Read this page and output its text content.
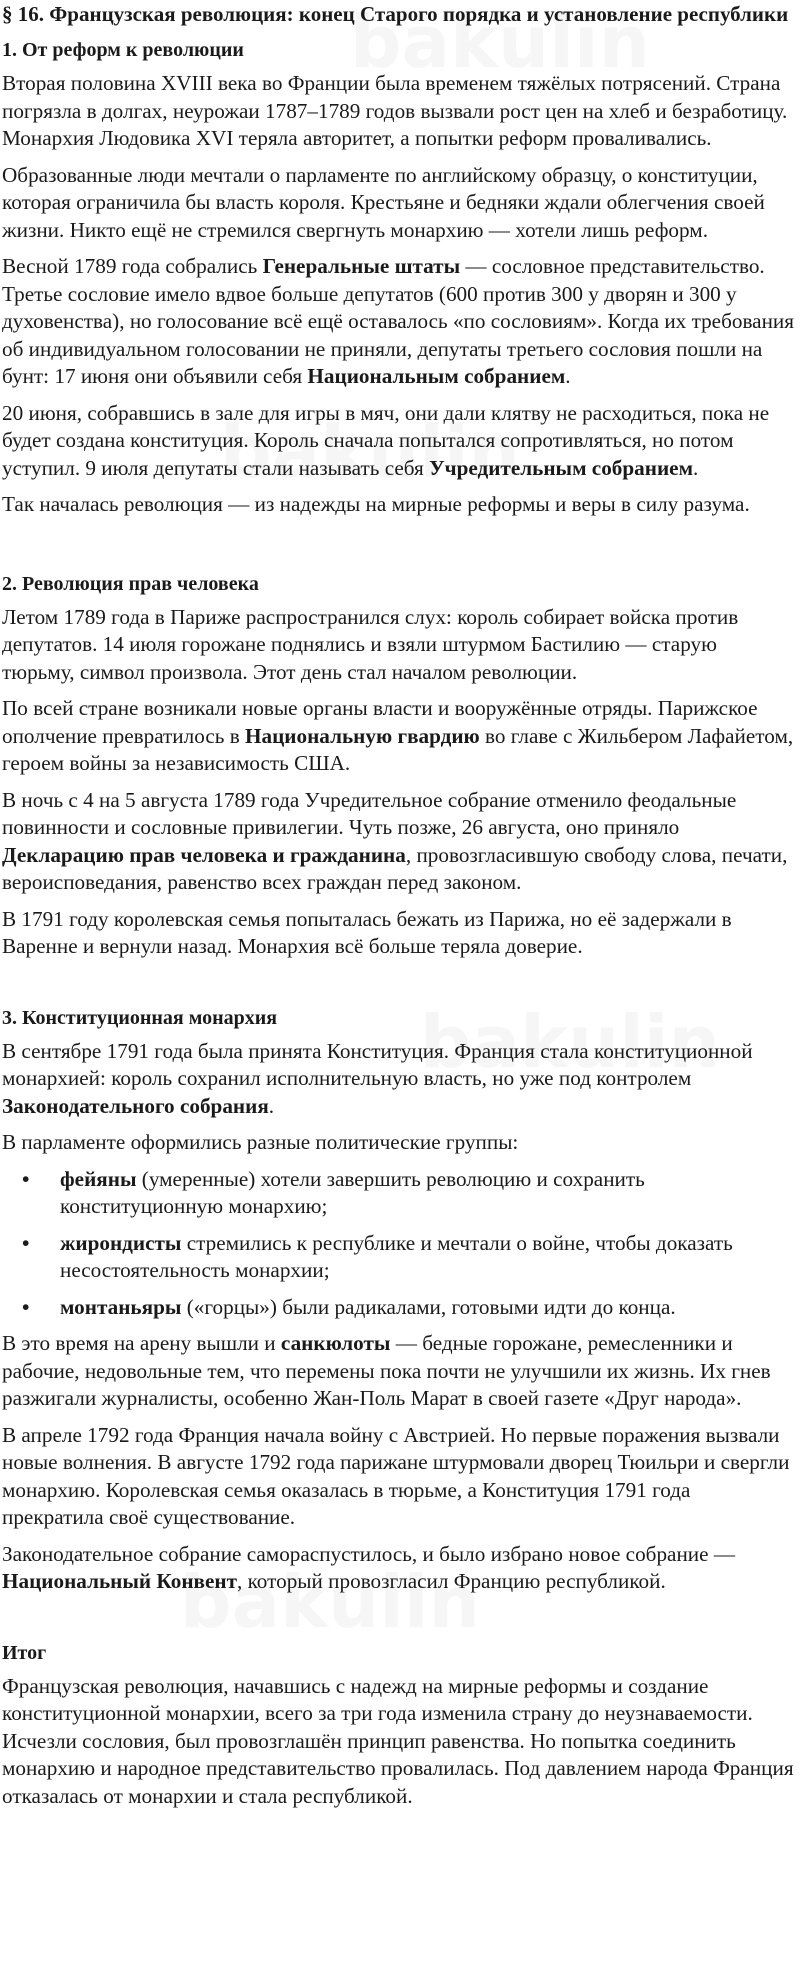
§ 16. Французская революция: конец Старого порядка и установление республики
1. От реформ к революции

Вторая половина XVIII века во Франции была временем тяжёлых потрясений. Страна погрязла в долгах, неурожаи 1787–1789 годов вызвали рост цен на хлеб и безработицу. Монархия Людовика XVI теряла авторитет, а попытки реформ проваливались.

Образованные люди мечтали о парламенте по английскому образцу, о конституции, которая ограничила бы власть короля. Крестьяне и бедняки ждали облегчения своей жизни. Никто ещё не стремился свергнуть монархию — хотели лишь реформ.

Весной 1789 года собрались Генеральные штаты — сословное представительство. Третье сословие имело вдвое больше депутатов (600 против 300 у дворян и 300 у духовенства), но голосование всё ещё оставалось «по сословиям». Когда их требования об индивидуальном голосовании не приняли, депутаты третьего сословия пошли на бунт: 17 июня они объявили себя Национальным собранием.

20 июня, собравшись в зале для игры в мяч, они дали клятву не расходиться, пока не будет создана конституция. Король сначала попытался сопротивляться, но потом уступил. 9 июля депутаты стали называть себя Учредительным собранием.

Так началась революция — из надежды на мирные реформы и веры в силу разума.

2. Революция прав человека

Летом 1789 года в Париже распространился слух: король собирает войска против депутатов. 14 июля горожане поднялись и взяли штурмом Бастилию — старую тюрьму, символ произвола. Этот день стал началом революции.

По всей стране возникали новые органы власти и вооружённые отряды. Парижское ополчение превратилось в Национальную гвардию во главе с Жильбером Лафайетом, героем войны за независимость США.

В ночь с 4 на 5 августа 1789 года Учредительное собрание отменило феодальные повинности и сословные привилегии. Чуть позже, 26 августа, оно приняло Декларацию прав человека и гражданина, провозгласившую свободу слова, печати, вероисповедания, равенство всех граждан перед законом.

В 1791 году королевская семья попыталась бежать из Парижа, но её задержали в Варенне и вернули назад. Монархия всё больше теряла доверие.

3. Конституционная монархия

В сентябре 1791 года была принята Конституция. Франция стала конституционной монархией: король сохранил исполнительную власть, но уже под контролем Законодательного собрания.

В парламенте оформились разные политические группы:

• фейяны (умеренные) хотели завершить революцию и сохранить конституционную монархию;
• жирондисты стремились к республике и мечтали о войне, чтобы доказать несостоятельность монархии;
• монтаньяры («горцы») были радикалами, готовыми идти до конца.

В это время на арену вышли и санкюлоты — бедные горожане, ремесленники и рабочие, недовольные тем, что перемены пока почти не улучшили их жизнь. Их гнев разжигали журналисты, особенно Жан-Поль Марат в своей газете «Друг народа».

В апреле 1792 года Франция начала войну с Австрией. Но первые поражения вызвали новые волнения. В августе 1792 года парижане штурмовали дворец Тюильри и свергли монархию. Королевская семья оказалась в тюрьме, а Конституция 1791 года прекратила своё существование.

Законодательное собрание самораспустилось, и было избрано новое собрание — Национальный Конвент, который провозгласил Францию республикой.

Итог

Французская революция, начавшись с надежд на мирные реформы и создание конституционной монархии, всего за три года изменила страну до неузнаваемости. Исчезли сословия, был провозглашён принцип равенства. Но попытка соединить монархию и народное представительство провалилась. Под давлением народа Франция отказалась от монархии и стала республикой.
